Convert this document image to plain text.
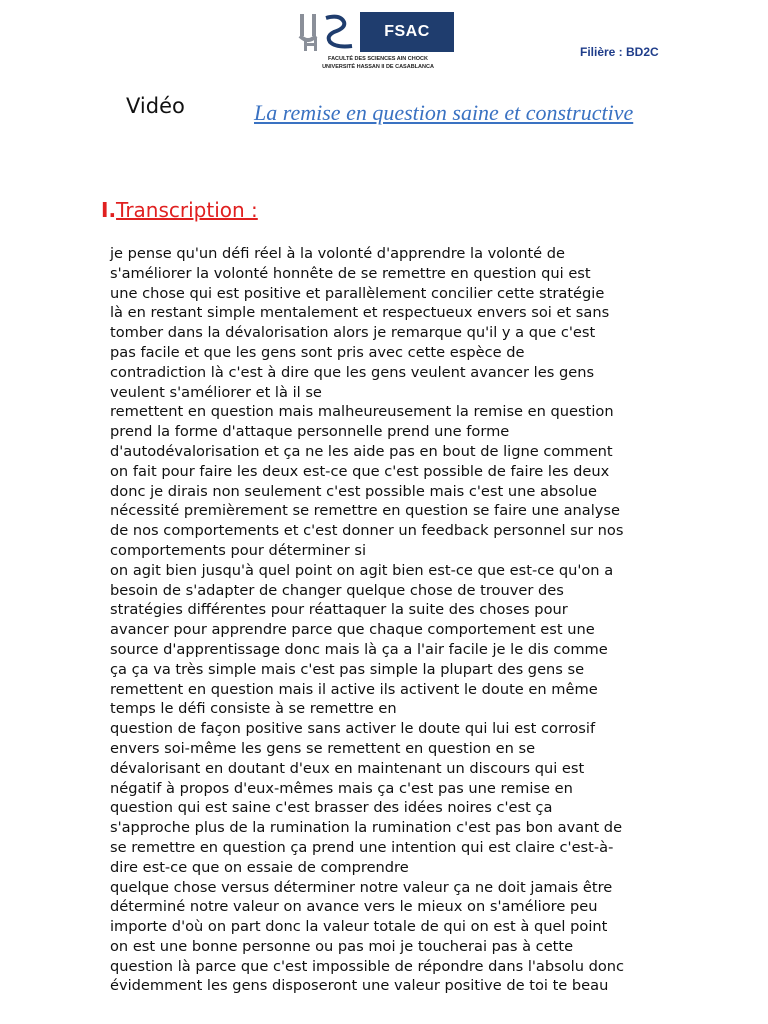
FSAC
FACULTÉ DES SCIENCES AIN CHOCK
UNIVERSITÉ HASSAN II DE CASABLANCA
Filière : BD2C
Vidéo	La remise en question saine et constructive
I.Transcription :

je pense qu'un défi réel à la volonté d'apprendre la volonté de

s'améliorer la volonté honnête de se remettre en question qui est

une chose qui est positive et parallèlement concilier cette stratégie

là en restant simple mentalement et respectueux envers soi et sans

tomber dans la dévalorisation alors je remarque qu'il y a que c'est

pas facile et que les gens sont pris avec cette espèce de

contradiction là c'est à dire que les gens veulent avancer les gens

veulent s'améliorer et là il se

remettent en question mais malheureusement la remise en question

prend la forme d'attaque personnelle prend une forme

d'autodévalorisation et ça ne les aide pas en bout de ligne comment

on fait pour faire les deux est-ce que c'est possible de faire les deux

donc je dirais non seulement c'est possible mais c'est une absolue

nécessité premièrement se remettre en question se faire une analyse

de nos comportements et c'est donner un feedback personnel sur nos

comportements pour déterminer si

on agit bien jusqu'à quel point on agit bien est-ce que est-ce qu'on a

besoin de s'adapter de changer quelque chose de trouver des

stratégies différentes pour réattaquer la suite des choses pour

avancer pour apprendre parce que chaque comportement est une

source d'apprentissage donc mais là ça a l'air facile je le dis comme

ça ça va très simple mais c'est pas simple la plupart des gens se

remettent en question mais il active ils activent le doute en même

temps le défi consiste à se remettre en

question de façon positive sans activer le doute qui lui est corrosif

envers soi-même les gens se remettent en question en se

dévalorisant en doutant d'eux en maintenant un discours qui est

négatif à propos d'eux-mêmes mais ça c'est pas une remise en

question qui est saine c'est brasser des idées noires c'est ça

s'approche plus de la rumination la rumination c'est pas bon avant de

se remettre en question ça prend une intention qui est claire c'est-à-

dire est-ce que on essaie de comprendre

quelque chose versus déterminer notre valeur ça ne doit jamais être

déterminé notre valeur on avance vers le mieux on s'améliore peu

importe d'où on part donc la valeur totale de qui on est à quel point

on est une bonne personne ou pas moi je toucherai pas à cette

question là parce que c'est impossible de répondre dans l'absolu donc

évidemment les gens disposeront une valeur positive de toi te beau
